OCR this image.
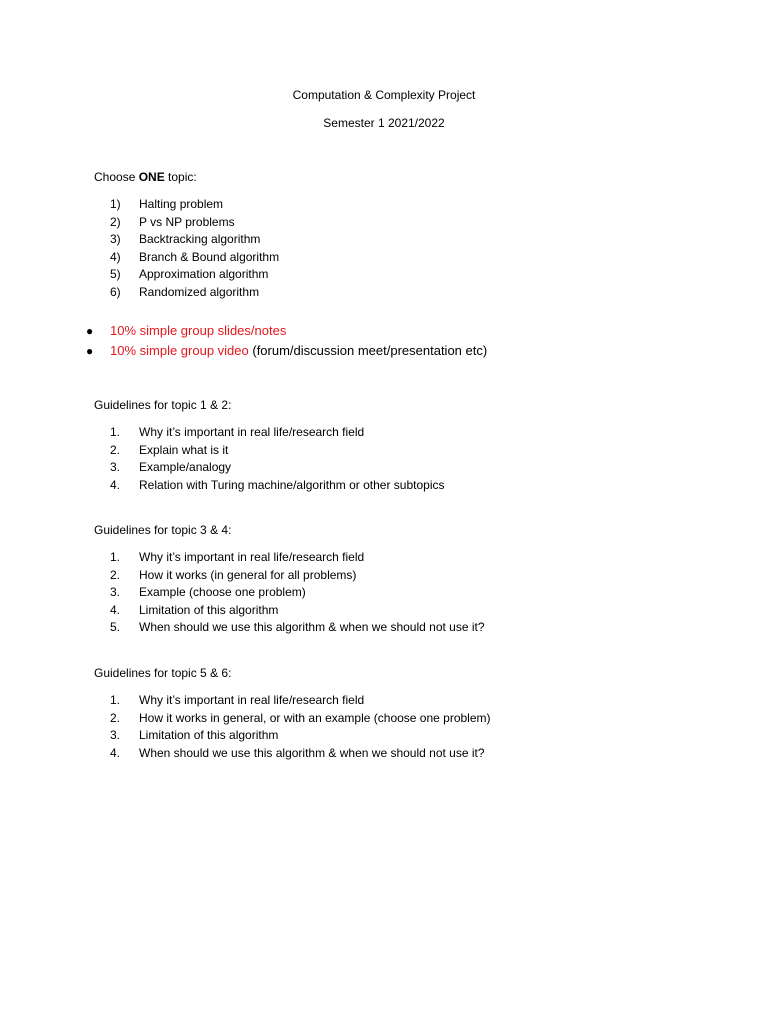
Computation & Complexity Project

Semester 1 2021/2022

Choose ONE topic:

1) Halting problem
2) P vs NP problems
3) Backtracking algorithm
4) Branch & Bound algorithm
5) Approximation algorithm
6) Randomized algorithm
● 10% simple group slides/notes
● 10% simple group video (forum/discussion meet/presentation etc)

Guidelines for topic 1 & 2:

1. Why it’s important in real life/research field
2. Explain what is it
3. Example/analogy
4. Relation with Turing machine/algorithm or other subtopics

Guidelines for topic 3 & 4:

1. Why it’s important in real life/research field
2. How it works (in general for all problems)
3. Example (choose one problem)
4. Limitation of this algorithm
5. When should we use this algorithm & when we should not use it?

Guidelines for topic 5 & 6:

1. Why it’s important in real life/research field
2. How it works in general, or with an example (choose one problem)
3. Limitation of this algorithm
4. When should we use this algorithm & when we should not use it?
